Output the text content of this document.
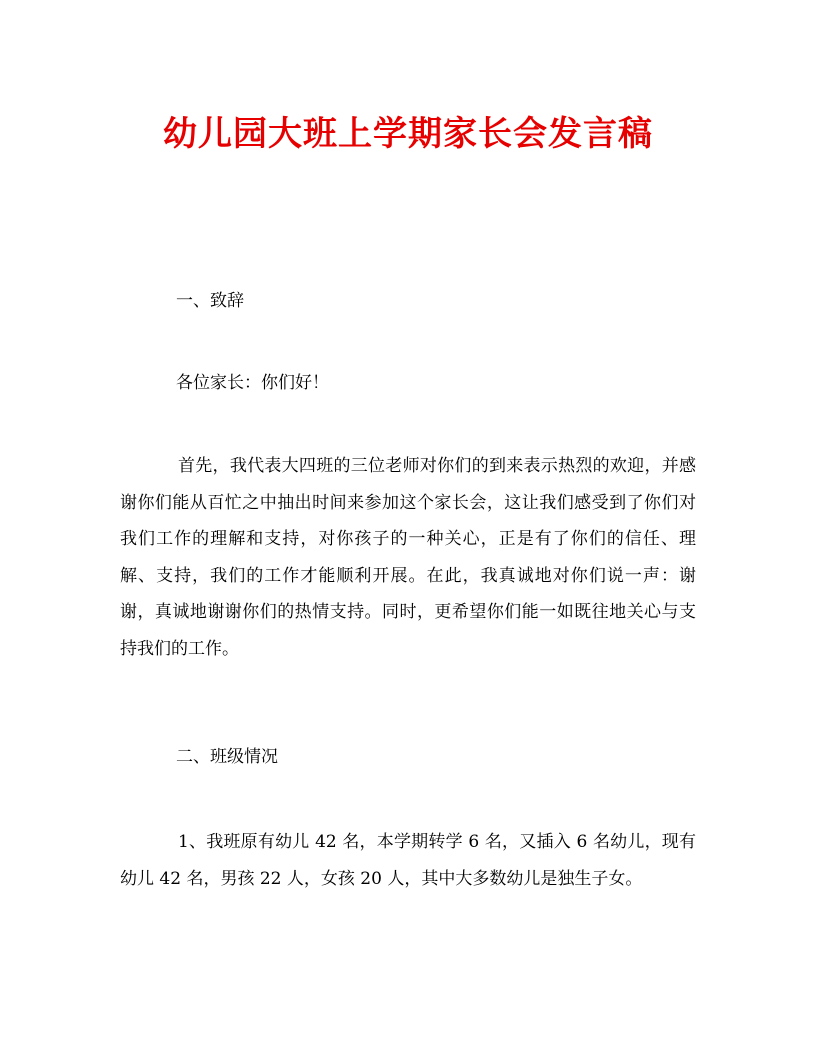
幼儿园大班上学期家长会发言稿
一、致辞
各位家长：你们好！
首先，我代表大四班的三位老师对你们的到来表示热烈的欢迎，并感谢你们能从百忙之中抽出时间来参加这个家长会，这让我们感受到了你们对我们工作的理解和支持，对你孩子的一种关心，正是有了你们的信任、理解、支持，我们的工作才能顺利开展。在此，我真诚地对你们说一声：谢谢，真诚地谢谢你们的热情支持。同时，更希望你们能一如既往地关心与支持我们的工作。
二、班级情况
1、我班原有幼儿 42 名，本学期转学 6 名，又插入 6 名幼儿，现有幼儿 42 名，男孩 22 人，女孩 20 人，其中大多数幼儿是独生子女。
